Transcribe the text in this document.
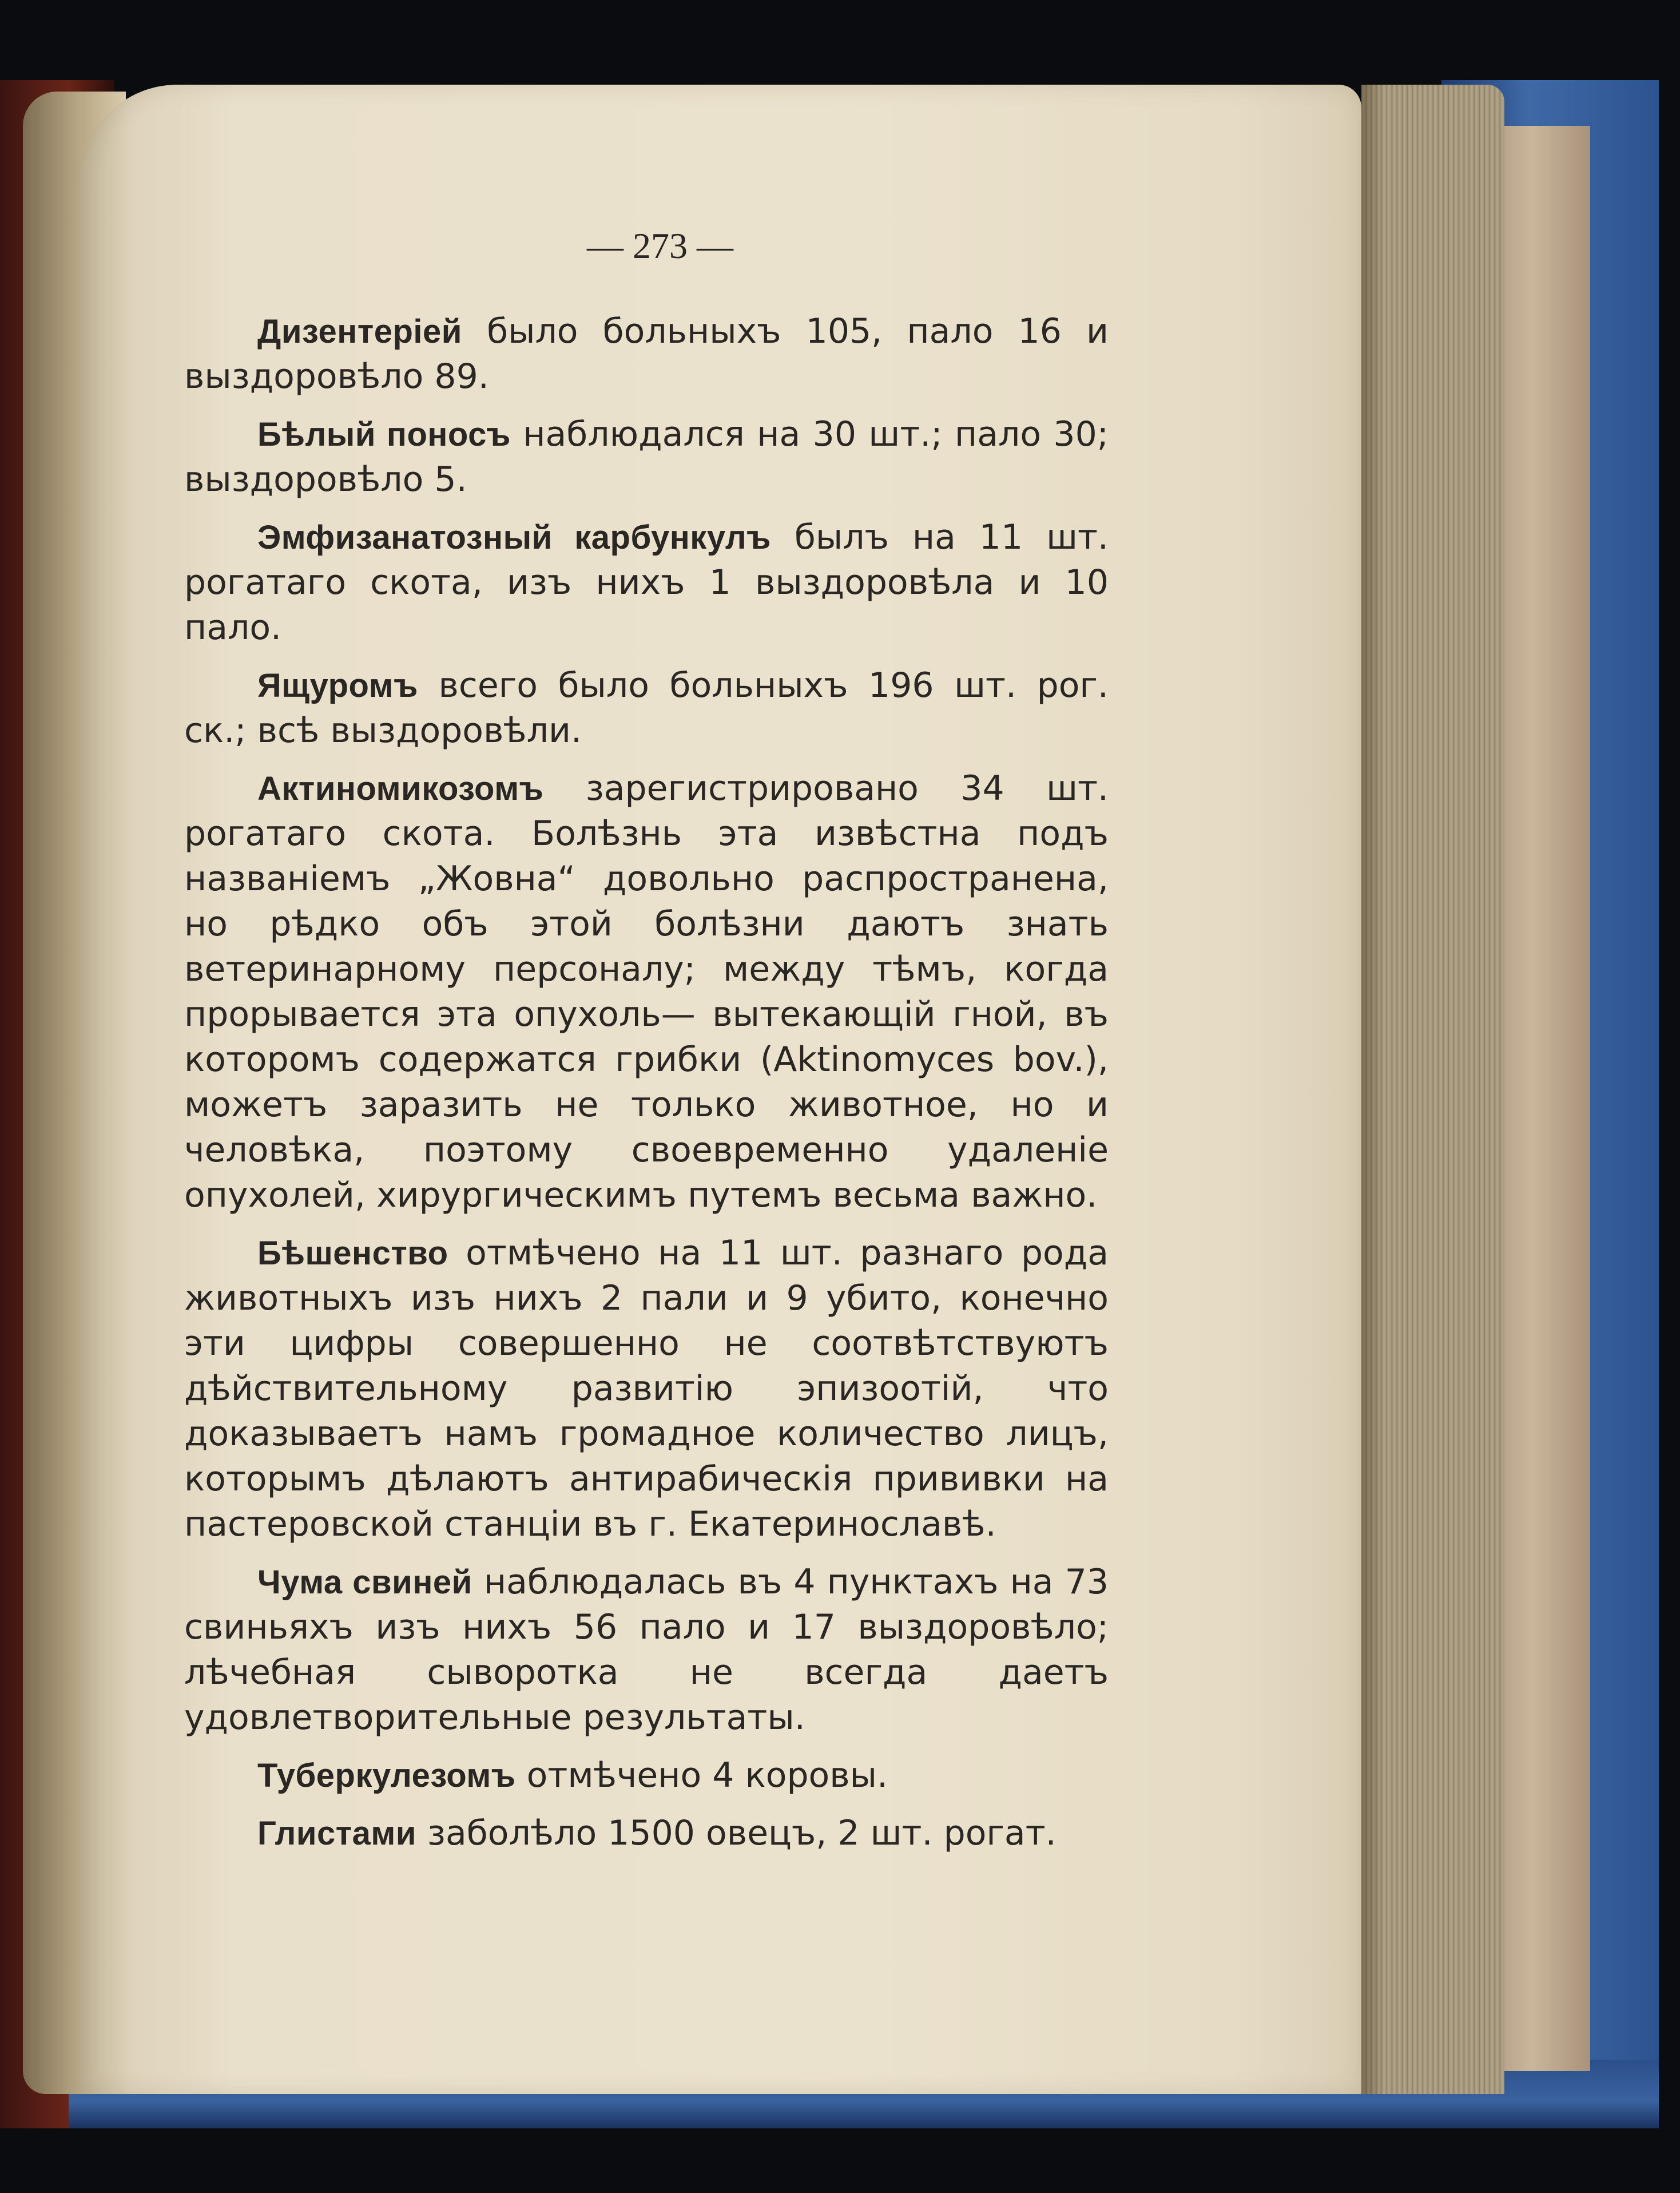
— 273 —

Дизентеріей было больныхъ 105, пало 16 и выздоровѣло 89.

Бѣлый поносъ наблюдался на 30 шт.; пало 30; выздоровѣло 5.

Эмфизанатозный карбункулъ былъ на 11 шт. рогатаго скота, изъ нихъ 1 выздоровѣла и 10 пало.

Ящуромъ всего было больныхъ 196 шт. рог. ск.; всѣ выздоровѣли.

Актиномикозомъ зарегистрировано 34 шт. рогатаго скота. Болѣзнь эта извѣстна подъ названіемъ „Жовна“ довольно распространена, но рѣдко объ этой болѣзни даютъ знать ветеринарному персоналу; между тѣмъ, когда прорывается эта опухоль— вытекающій гной, въ которомъ содержатся грибки (Aktinomyces bov.), можетъ заразить не только животное, но и человѣка, поэтому своевременно удаленіе опухолей, хирургическимъ путемъ весьма важно.

Бѣшенство отмѣчено на 11 шт. разнаго рода животныхъ изъ нихъ 2 пали и 9 убито, конечно эти цифры совершенно не соотвѣтствуютъ дѣйствительному развитію эпизоотій, что доказываетъ намъ громадное количество лицъ, которымъ дѣлаютъ антирабическія прививки на пастеровской станціи въ г. Екатеринославѣ.

Чума свиней наблюдалась въ 4 пунктахъ на 73 свиньяхъ изъ нихъ 56 пало и 17 выздоровѣло; лѣчебная сыворотка не всегда даетъ удовлетворительные результаты.

Туберкулезомъ отмѣчено 4 коровы.

Глистами заболѣло 1500 овецъ, 2 шт. рогат.
